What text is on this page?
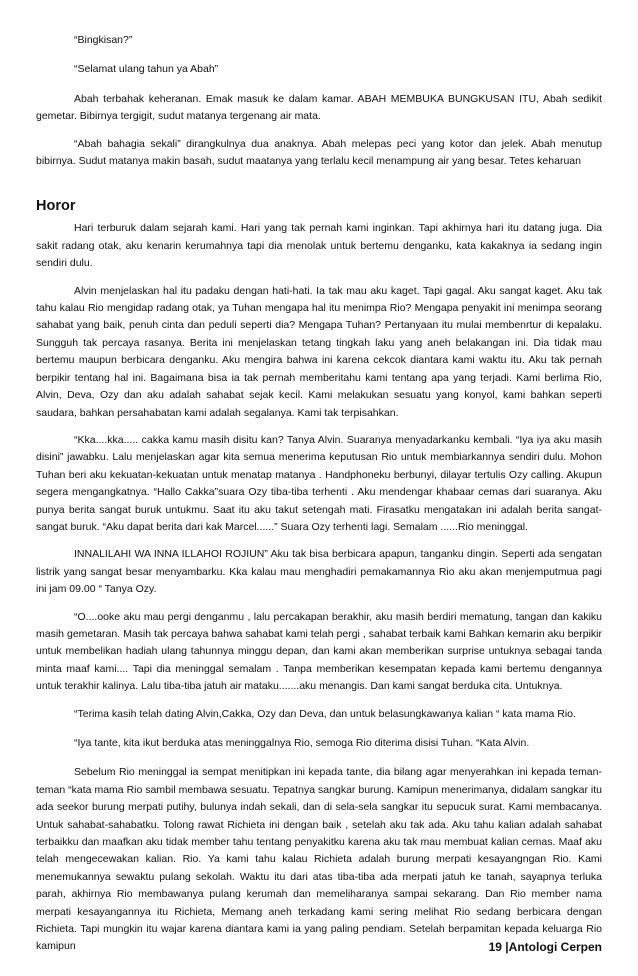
“Bingkisan?”

“Selamat ulang tahun ya Abah”

Abah terbahak keheranan. Emak masuk ke dalam kamar. ABAH MEMBUKA BUNGKUSAN ITU, Abah sedikit gemetar. Bibirnya tergigit, sudut matanya tergenang air mata.

“Abah bahagia sekali” dirangkulnya dua anaknya. Abah melepas peci yang kotor dan jelek. Abah menutup bibirnya. Sudut matanya makin basah, sudut maatanya yang terlalu kecil menampung air yang besar. Tetes keharuan

Horor

Hari terburuk dalam sejarah kami. Hari yang tak pernah kami inginkan. Tapi akhirnya hari itu datang juga. Dia sakit radang otak, aku kenarin kerumahnya tapi dia menolak untuk bertemu denganku, kata kakaknya ia sedang ingin sendiri dulu.

Alvin menjelaskan hal itu padaku dengan hati-hati. Ia tak mau aku kaget. Tapi gagal. Aku sangat kaget. Aku tak tahu kalau Rio mengidap radang otak, ya Tuhan mengapa hal itu menimpa Rio? Mengapa penyakit ini menimpa seorang sahabat yang baik, penuh cinta dan peduli seperti dia? Mengapa Tuhan? Pertanyaan itu mulai membenrtur di kepalaku. Sungguh tak percaya rasanya. Berita ini menjelaskan tetang tingkah laku yang aneh belakangan ini. Dia tidak mau bertemu maupun berbicara denganku. Aku mengira bahwa ini karena cekcok diantara kami waktu itu. Aku tak pernah berpikir tentang hal ini. Bagaimana bisa ia tak pernah memberitahu kami tentang apa yang terjadi. Kami berlima Rio, Alvin, Deva, Ozy dan aku adalah sahabat sejak kecil. Kami melakukan sesuatu yang konyol, kami bahkan seperti saudara, bahkan persahabatan kami adalah segalanya. Kami tak terpisahkan.

“Kka....kka..... cakka kamu masih disitu kan? Tanya Alvin. Suaranya menyadarkanku kembali. “Iya iya aku masih disini” jawabku. Lalu menjelaskan agar kita semua menerima keputusan Rio untuk membiarkannya sendiri dulu. Mohon Tuhan beri aku kekuatan-kekuatan untuk menatap matanya . Handphoneku berbunyi, dilayar tertulis Ozy calling. Akupun segera mengangkatnya. “Hallo Cakka”suara Ozy tiba-tiba terhenti . Aku mendengar khabaar cemas dari suaranya. Aku punya berita sangat buruk untukmu. Saat itu aku takut setengah mati. Firasatku mengatakan ini adalah berita sangat-sangat buruk. “Aku dapat berita dari kak Marcel......” Suara Ozy terhenti lagi. Semalam ......Rio meninggal.

INNALILAHI WA INNA ILLAHOI ROJIUN” Aku tak bisa berbicara apapun, tanganku dingin. Seperti ada sengatan listrik yang sangat besar menyambarku. Kka kalau mau menghadiri pemakamannya Rio aku akan menjemputmua pagi ini jam 09.00 “ Tanya Ozy.

“O....ooke aku mau pergi denganmu , lalu percakapan berakhir, aku masih berdiri mematung, tangan dan kakiku masih gemetaran. Masih tak percaya bahwa sahabat kami telah pergi , sahabat terbaik kami Bahkan kemarin aku berpikir untuk membelikan hadiah ulang tahunnya minggu depan, dan kami akan memberikan surprise untuknya sebagai tanda minta maaf kami.... Tapi dia meninggal semalam . Tanpa memberikan kesempatan kepada kami bertemu dengannya untuk terakhir kalinya. Lalu tiba-tiba jatuh air mataku.......aku menangis. Dan kami sangat berduka cita. Untuknya.

“Terima kasih telah dating Alvin,Cakka, Ozy dan Deva, dan untuk belasungkawanya kalian “ kata mama Rio.

“Iya tante, kita ikut berduka atas meninggalnya Rio, semoga Rio diterima disisi Tuhan. “Kata Alvin.

Sebelum Rio meninggal ia sempat menitipkan ini kepada tante, dia bilang agar menyerahkan ini kepada teman-teman “kata mama Rio sambil membawa sesuatu. Tepatnya sangkar burung. Kamipun menerimanya, didalam sangkar itu ada seekor burung merpati putihy, bulunya indah sekali, dan di sela-sela sangkar itu sepucuk surat. Kami membacanya. Untuk sahabat-sahabatku. Tolong rawat Richieta ini dengan baik , setelah aku tak ada. Aku tahu kalian adalah sahabat terbaikku dan maafkan aku tidak member tahu tentang penyakitku karena aku tak mau membuat kalian cemas. Maaf aku telah mengecewakan kalian. Rio. Ya kami tahu kalau Richieta adalah burung merpati kesayangngan Rio. Kami menemukannya sewaktu pulang sekolah. Waktu itu dari atas tiba-tiba ada merpati jatuh ke tanah, sayapnya terluka parah, akhirnya Rio membawanya pulang kerumah dan memeliharanya sampai sekarang. Dan Rio member nama merpati kesayangannya itu Richieta, Memang aneh terkadang kami sering melihat Rio sedang berbicara dengan Richieta. Tapi mungkin itu wajar karena diantara kami ia yang paling pendiam. Setelah berpamitan kepada keluarga Rio kamipun	19 |Antologi Cerpen
